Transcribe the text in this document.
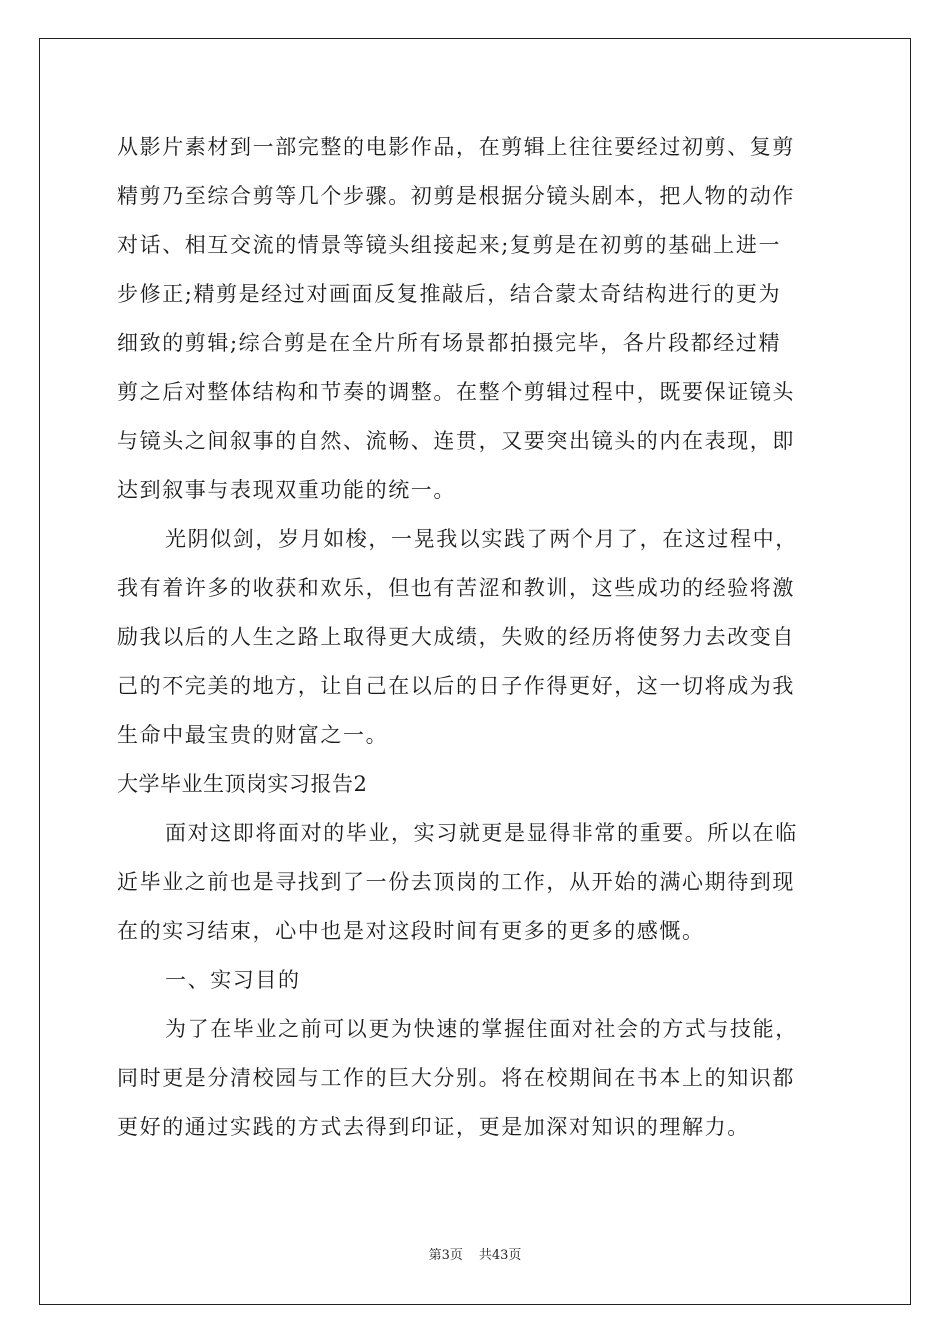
从影片素材到一部完整的电影作品，在剪辑上往往要经过初剪、复剪
精剪乃至综合剪等几个步骤。初剪是根据分镜头剧本，把人物的动作
对话、相互交流的情景等镜头组接起来;复剪是在初剪的基础上进一
步修正;精剪是经过对画面反复推敲后，结合蒙太奇结构进行的更为
细致的剪辑;综合剪是在全片所有场景都拍摄完毕，各片段都经过精
剪之后对整体结构和节奏的调整。在整个剪辑过程中，既要保证镜头
与镜头之间叙事的自然、流畅、连贯，又要突出镜头的内在表现，即
达到叙事与表现双重功能的统一。
光阴似剑，岁月如梭，一晃我以实践了两个月了，在这过程中，
我有着许多的收获和欢乐，但也有苦涩和教训，这些成功的经验将激
励我以后的人生之路上取得更大成绩，失败的经历将使努力去改变自
己的不完美的地方，让自己在以后的日子作得更好，这一切将成为我
生命中最宝贵的财富之一。
大学毕业生顶岗实习报告2
面对这即将面对的毕业，实习就更是显得非常的重要。所以在临
近毕业之前也是寻找到了一份去顶岗的工作，从开始的满心期待到现
在的实习结束，心中也是对这段时间有更多的更多的感慨。
一、实习目的
为了在毕业之前可以更为快速的掌握住面对社会的方式与技能，
同时更是分清校园与工作的巨大分别。将在校期间在书本上的知识都
更好的通过实践的方式去得到印证，更是加深对知识的理解力。
第3页 共43页
